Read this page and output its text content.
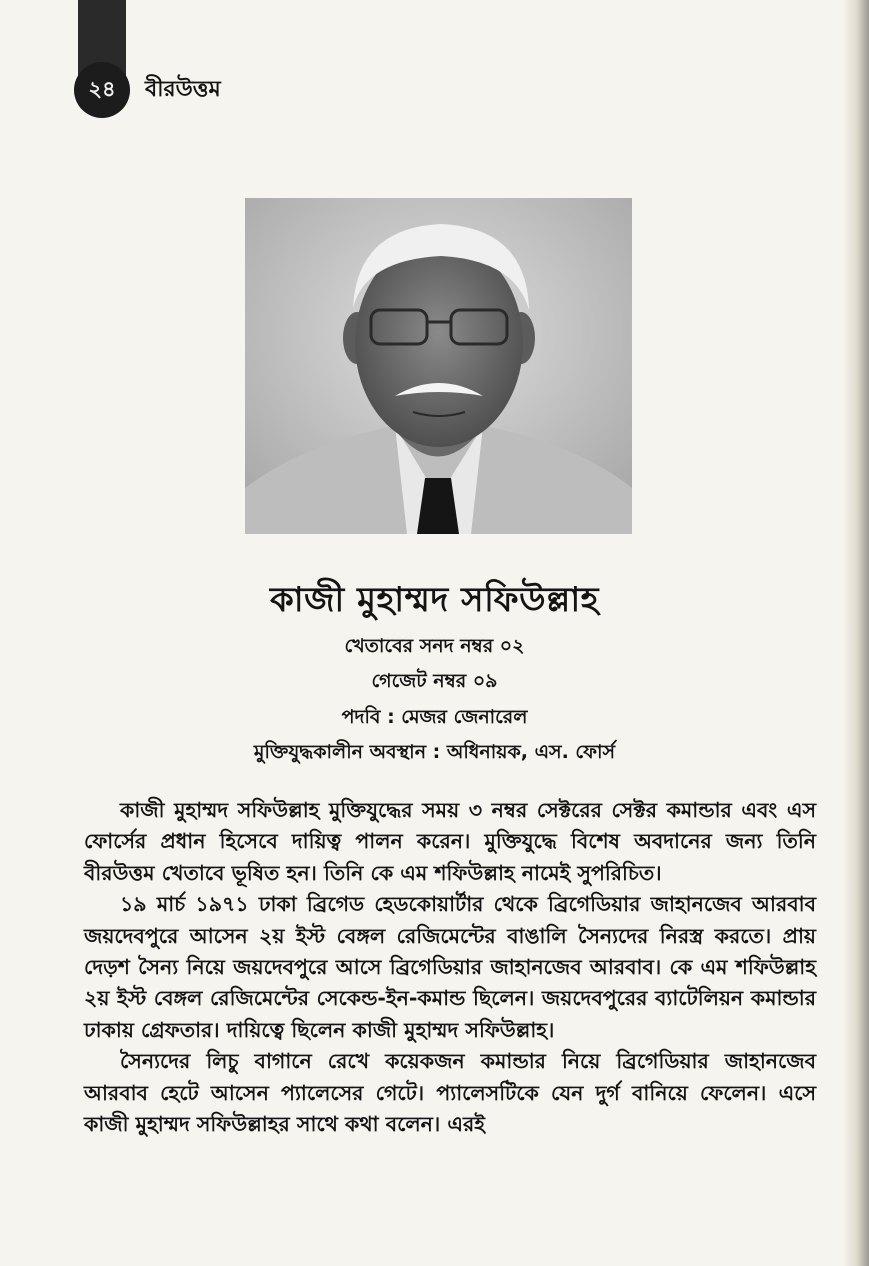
২৪ বীরউত্তম
কাজী মুহাম্মদ সফিউল্লাহ
খেতাবের সনদ নম্বর ০২
গেজেট নম্বর ০৯
পদবি : মেজর জেনারেল
মুক্তিযুদ্ধকালীন অবস্থান : অধিনায়ক, এস. ফোর্স

কাজী মুহাম্মদ সফিউল্লাহ মুক্তিযুদ্ধের সময় ৩ নম্বর সেক্টরের সেক্টর কমান্ডার এবং এস ফোর্সের প্রধান হিসেবে দায়িত্ব পালন করেন। মুক্তিযুদ্ধে বিশেষ অবদানের জন্য তিনি বীরউত্তম খেতাবে ভূষিত হন। তিনি কে এম শফিউল্লাহ নামেই সুপরিচিত।

১৯ মার্চ ১৯৭১ ঢাকা ব্রিগেড হেডকোয়ার্টার থেকে ব্রিগেডিয়ার জাহানজেব আরবাব জয়দেবপুরে আসেন ২য় ইস্ট বেঙ্গল রেজিমেন্টের বাঙালি সৈন্যদের নিরস্ত্র করতে। প্রায় দেড়শ সৈন্য নিয়ে জয়দেবপুরে আসে ব্রিগেডিয়ার জাহানজেব আরবাব। কে এম শফিউল্লাহ ২য় ইস্ট বেঙ্গল রেজিমেন্টের সেকেন্ড-ইন-কমান্ড ছিলেন। জয়দেবপুরের ব্যাটেলিয়ন কমান্ডার ঢাকায় গ্রেফতার। দায়িত্বে ছিলেন কাজী মুহাম্মদ সফিউল্লাহ।

সৈন্যদের লিচু বাগানে রেখে কয়েকজন কমান্ডার নিয়ে ব্রিগেডিয়ার জাহানজেব আরবাব হেটে আসেন প্যালেসের গেটে। প্যালেসটিকে যেন দুর্গ বানিয়ে ফেলেন। এসে কাজী মুহাম্মদ সফিউল্লাহর সাথে কথা বলেন। এরই
